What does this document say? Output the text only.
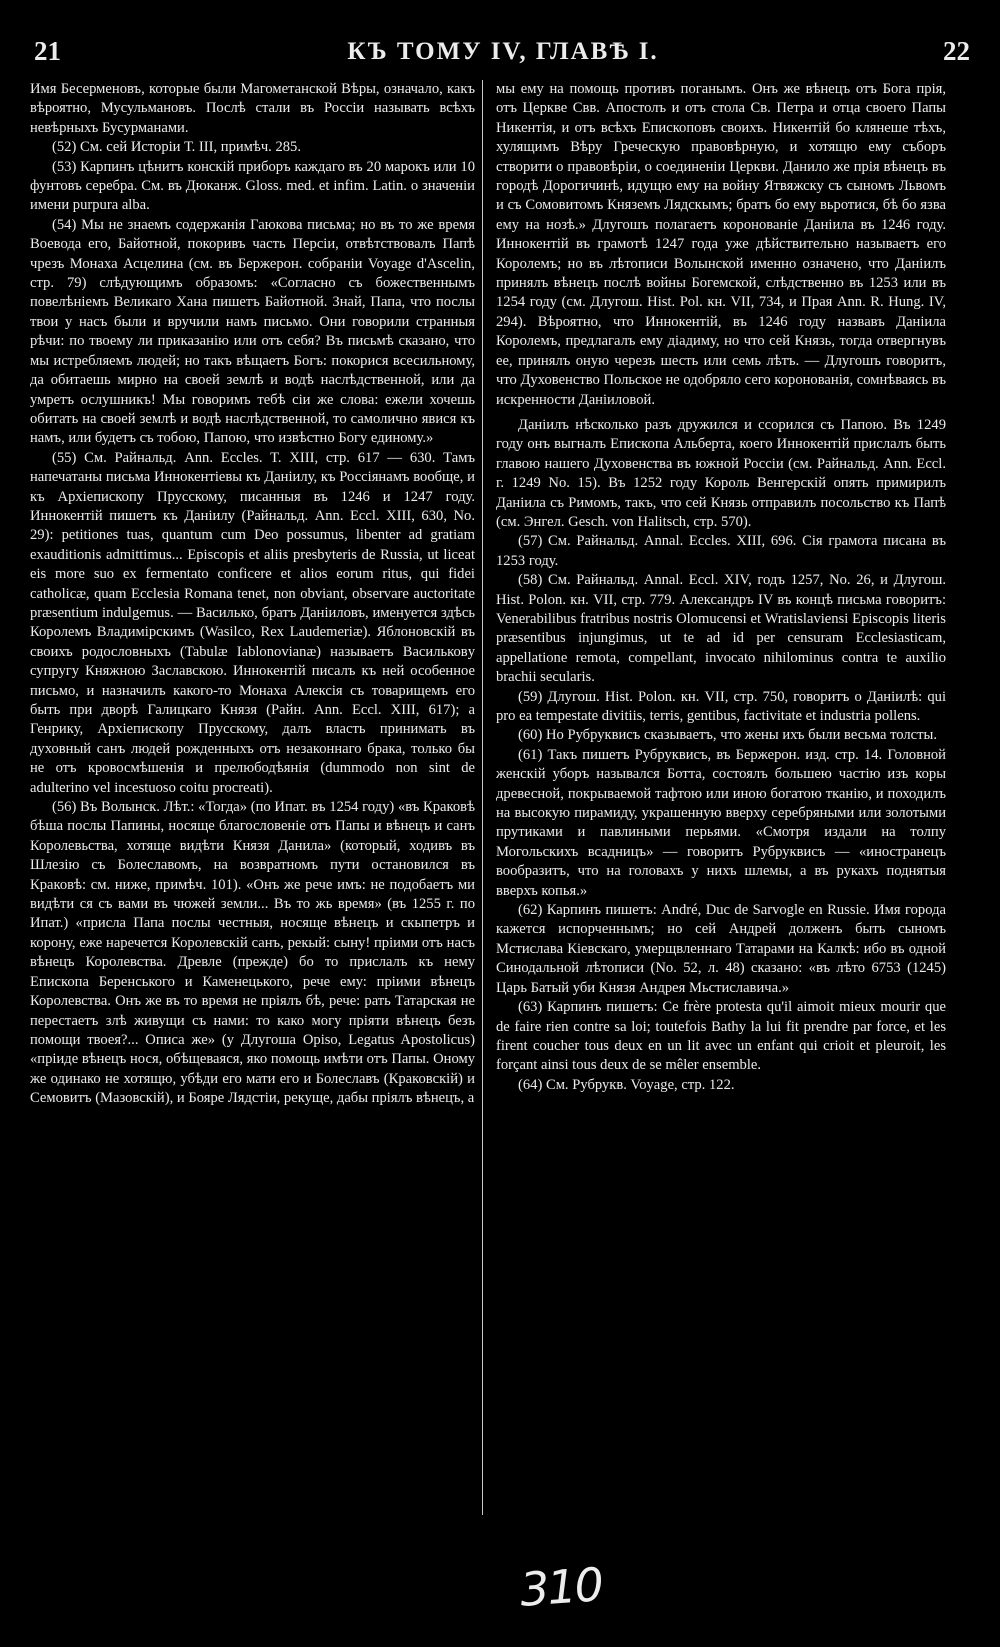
21	КЪ ТОМУ IV, ГЛАВѢ I.	22

Имя Бесерменовъ, которые были Магометанской Вѣры, означало, какъ вѣроятно, Мусульмановъ. Послѣ стали въ Россіи называть всѣхъ невѣрныхъ Бусурманами.

(52) См. сей Исторіи Т. III, примѣч. 285.

(53) Карпинъ цѣнитъ конскій приборъ каждаго въ 20 марокъ или 10 фунтовъ серебра. См. въ Дюканж. Gloss. med. et infim. Latin. о значеніи имени purpura alba.

(54) Мы не знаемъ содержанія Гаюкова письма; но въ то же время Воевода его, Байотной, покоривъ часть Персіи, отвѣтствовалъ Папѣ чрезъ Монаха Асцелина (см. въ Бержерон. собраніи Voyage d'Ascelin, стр. 79) слѣдующимъ образомъ: «Согласно съ божественнымъ повелѣніемъ Великаго Хана пишетъ Байотной. Знай, Папа, что послы твои у насъ были и вручили намъ письмо. Они говорили странныя рѣчи: по твоему ли приказанію или отъ себя? Въ письмѣ сказано, что мы истребляемъ людей; но такъ вѣщаетъ Богъ: покорися всесильному, да обитаешь мирно на своей землѣ и водѣ наслѣдственной, или да умретъ ослушникъ! Мы говоримъ тебѣ сіи же слова: ежели хочешь обитать на своей землѣ и водѣ наслѣдственной, то самолично явися къ намъ, или будетъ съ тобою, Папою, что извѣстно Богу единому.»

(55) См. Райнальд. Ann. Eccles. T. XIII, стр. 617 — 630. Тамъ напечатаны письма Иннокентіевы къ Даніилу, къ Россіянамъ вообще, и къ Архіепископу Прусскому, писанныя въ 1246 и 1247 году. Иннокентій пишетъ къ Даніилу (Райнальд. Ann. Eccl. XIII, 630, No. 29): petitiones tuas, quantum cum Deo possumus, libenter ad gratiam exauditionis admittimus... Episcopis et aliis presbyteris de Russia, ut liceat eis more suo ex fermentato conficere et alios eorum ritus, qui fidei catholicæ, quam Ecclesia Romana tenet, non obviant, observare auctoritate præsentium indulgemus. — Василько, братъ Даніиловъ, именуется здѣсь Королемъ Владимірскимъ (Wasilco, Rex Laudemeriæ). Яблоновскій въ своихъ родословныхъ (Tabulæ Iablonovianæ) называетъ Васильковy супругу Княжною Заславскою. Иннокентій писалъ къ ней особенное письмо, и назначилъ какого-то Монаха Алексія съ товарищемъ его быть при дворѣ Галицкаго Князя (Райн. Ann. Eccl. XIII, 617); а Генрику, Архіепископу Прусскому, далъ власть принимать въ духовный санъ людей рожденныхъ отъ незаконнаго брака, только бы не отъ кровосмѣшенія и прелюбодѣянія (dummodo non sint de adulterino vel incestuoso coitu procreati).

(56) Въ Волынск. Лѣт.: «Тогда» (по Ипат. въ 1254 году) «въ Краковѣ бѣша послы Папины, носяще благословеніе отъ Папы и вѣнецъ и санъ Королевьства, хотяще видѣти Князя Данила» (который, ходивъ въ Шлезію съ Болеславомъ, на возвратномъ пути остановился въ Краковѣ: см. ниже, примѣч. 101). «Онъ же рече имъ: не подобаетъ ми видѣти ся съ вами въ чюжей земли... Въ то жь время» (въ 1255 г. по Ипат.) «присла Папа послы честныя, носяще вѣнецъ и скыпетръ и корону, еже наречется Королевскій санъ, рекый: сыну! пріими отъ насъ вѣнецъ Королевства. Древле (прежде) бо то прислалъ къ нему Епископа Беренського и Каменецького, рече ему: пріими вѣнецъ Королевства. Онъ же въ то время не пріялъ бѣ, рече: рать Татарская не перестаетъ злѣ живущи съ нами: то како могу пріяти вѣнецъ безъ помощи твоея?... Описа же» (у Длугоша Opiso, Legatus Apostolicus) «пріиде вѣнецъ нося, обѣщеваяся, яко помощь имѣти отъ Папы. Оному же одинако не хотящю, убѣди его мати его и Болеславъ (Краковскій) и Семовитъ (Мазовскій), и Бояре Лядстіи, рекуще, дабы пріялъ вѣнецъ, а

мы ему на помощь противъ поганымъ. Онъ же вѣнецъ отъ Бога прія, отъ Церкве Свв. Апостолъ и отъ стола Св. Петра и отца своего Папы Никентія, и отъ всѣхъ Епископовъ своихъ. Никентій бо клянеше тѣхъ, хулящимъ Вѣру Греческую правовѣрную, и хотящю ему съборъ створити о правовѣріи, о соединеніи Церкви. Данило же прія вѣнецъ въ городѣ Дорогичинѣ, идущю ему на войну Ятвяжску съ сыномъ Львомъ и съ Сомовитомъ Княземъ Лядскымъ; братъ бо ему вьротися, бѣ бо язва ему на нозѣ.» Длугошъ полагаетъ коронованіе Даніила въ 1246 году. Иннокентій въ грамотѣ 1247 года уже дѣйствительно называетъ его Королемъ; но въ лѣтописи Волынской именно означено, что Даніилъ принялъ вѣнецъ послѣ войны Богемской, слѣдственно въ 1253 или въ 1254 году (см. Длугош. Hist. Pol. кн. VII, 734, и Прая Ann. R. Hung. IV, 294). Вѣроятно, что Иннокентій, въ 1246 году назвавъ Даніила Королемъ, предлагалъ ему діадиму, но что сей Князь, тогда отвергнувъ ее, принялъ оную черезъ шесть или семь лѣтъ. — Длугошъ говоритъ, что Духовенство Польское не одобряло сего коронованія, сомнѣваясь въ искренности Даніиловой.

Даніилъ нѣсколько разъ дружился и ссорился съ Папою. Въ 1249 году онъ выгналъ Епископа Альберта, коего Иннокентій прислалъ быть главою нашего Духовенства въ южной Россіи (см. Райнальд. Ann. Eccl. г. 1249 No. 15). Въ 1252 году Король Венгерскій опять примирилъ Даніила съ Римомъ, такъ, что сей Князь отправилъ посольство къ Папѣ (см. Энгел. Gesch. von Halitsch, стр. 570).

(57) См. Райнальд. Annal. Eccles. XIII, 696. Сія грамота писана въ 1253 году.

(58) См. Райнальд. Annal. Eccl. XIV, годъ 1257, No. 26, и Длугош. Hist. Polon. кн. VII, стр. 779. Александръ IV въ концѣ письма говоритъ: Venerabilibus fratribus nostris Olomucensi et Wratislaviensi Episcopis literis præsentibus injungimus, ut te ad id per censuram Ecclesiasticam, appellatione remota, compellant, invocato nihilominus contra te auxilio brachii secularis.

(59) Длугош. Hist. Polon. кн. VII, стр. 750, говоритъ о Даніилѣ: qui pro ea tempestate divitiis, terris, gentibus, factivitate et industria pollens.

(60) Но Рубруквисъ сказываетъ, что жены ихъ были весьма толсты.

(61) Такъ пишетъ Рубруквисъ, въ Бержерон. изд. стр. 14. Головной женскій уборъ назывался Ботта, состоялъ большею частію изъ коры древесной, покрываемой тафтою или иною богатою тканію, и походилъ на высокую пирамиду, украшенную вверху серебряными или золотыми прутиками и павлиными перьями. «Смотря издали на толпу Могольскихъ всадницъ» — говоритъ Рубруквисъ — «иностранецъ вообразитъ, что на головахъ у нихъ шлемы, а въ рукахъ поднятыя вверхъ копья.»

(62) Карпинъ пишетъ: André, Duc de Sarvogle en Russie. Имя города кажется испорченнымъ; но сей Андрей долженъ быть сыномъ Мстислава Кіевскаго, умерщвленнаго Татарами на Калкѣ: ибо въ одной Синодальной лѣтописи (No. 52, л. 48) сказано: «въ лѣто 6753 (1245) Царь Батый уби Князя Андрея Мьстиславича.»

(63) Карпинъ пишетъ: Ce frère protesta qu'il aimoit mieux mourir que de faire rien contre sa loi; toutefois Bathy la lui fit prendre par force, et les firent coucher tous deux en un lit avec un enfant qui crioit et pleuroit, les forçant ainsi tous deux de se mêler ensemble.

(64) См. Рубрукв. Voyage, стр. 122.

310
